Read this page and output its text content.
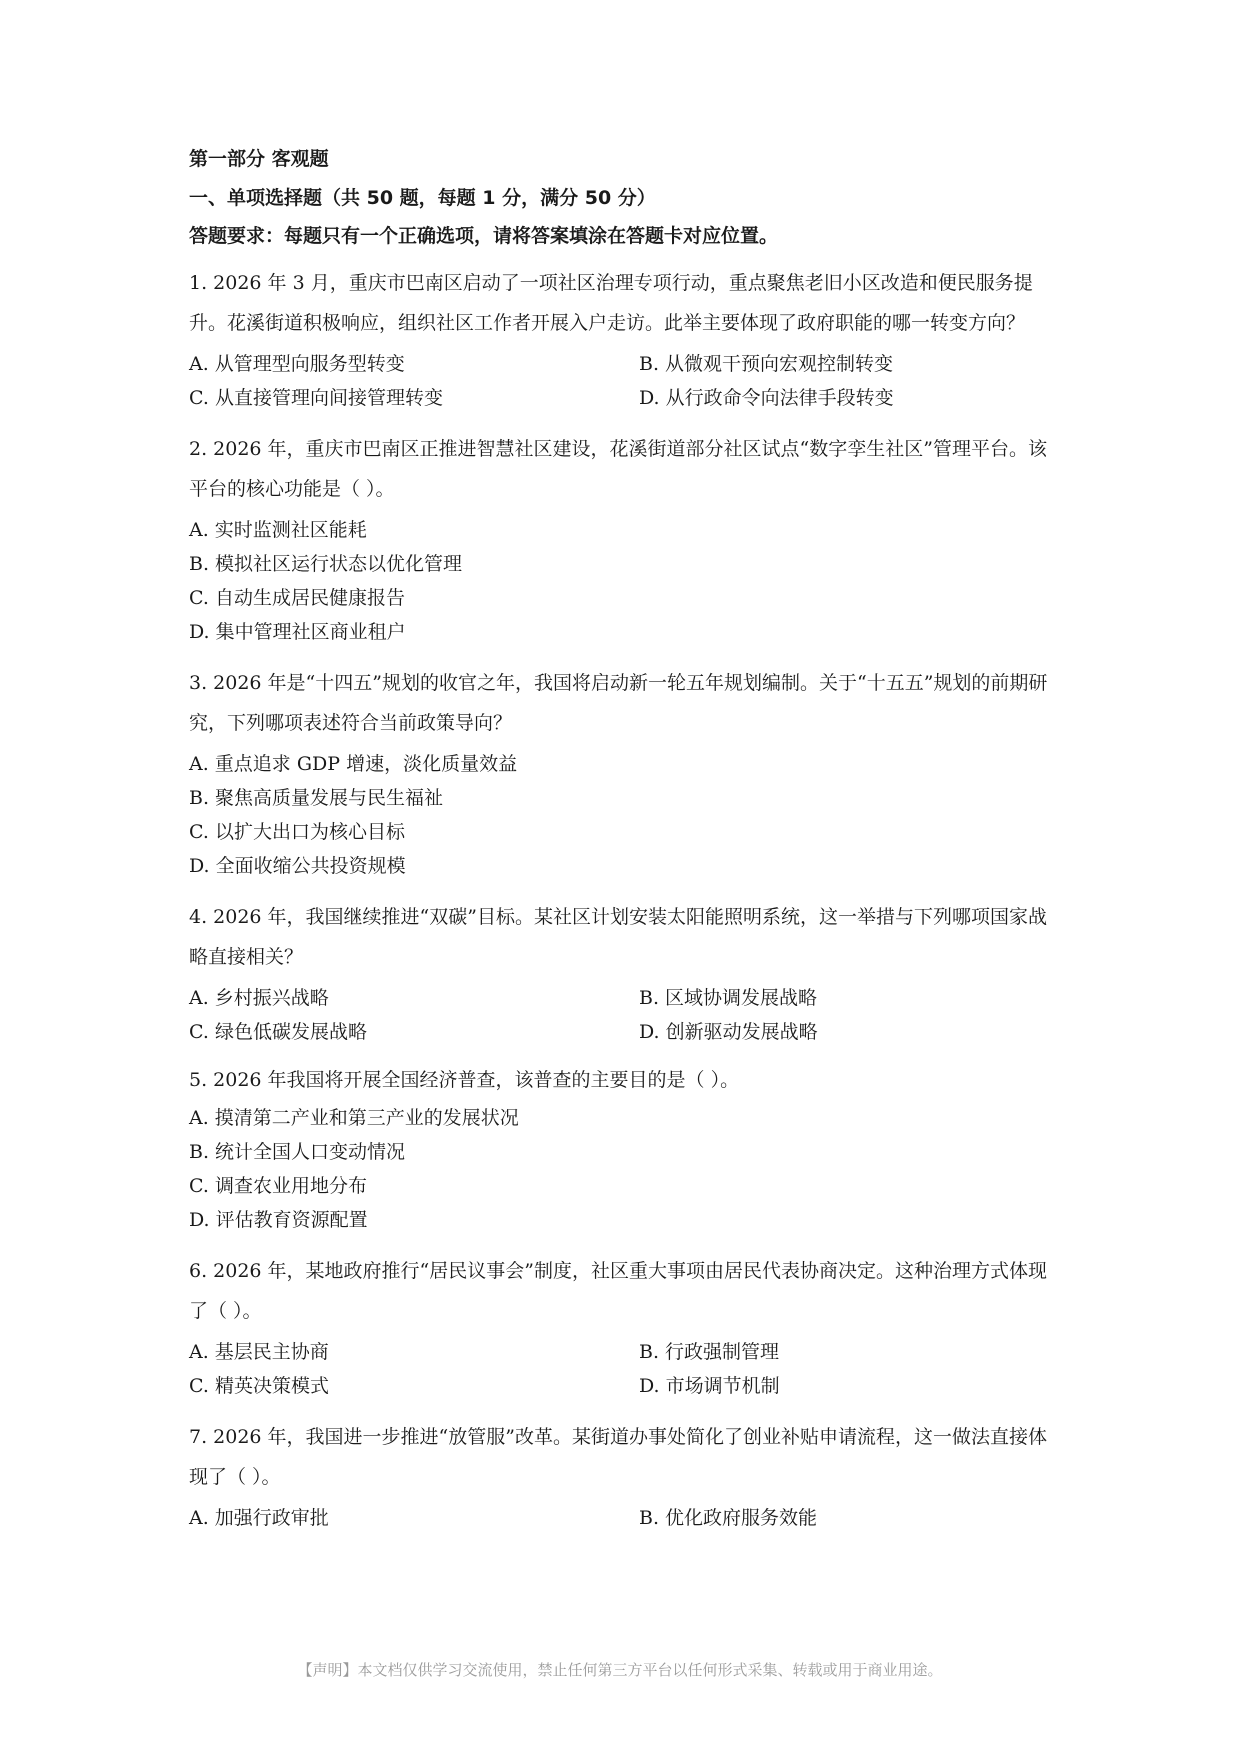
第一部分 客观题

一、单项选择题（共 50 题，每题 1 分，满分 50 分）

答题要求：每题只有一个正确选项，请将答案填涂在答题卡对应位置。

1. 2026 年 3 月，重庆市巴南区启动了一项社区治理专项行动，重点聚焦老旧小区改造和便民服务提升。花溪街道积极响应，组织社区工作者开展入户走访。此举主要体现了政府职能的哪一转变方向？

A. 从管理型向服务型转变	B. 从微观干预向宏观控制转变
C. 从直接管理向间接管理转变	D. 从行政命令向法律手段转变

2. 2026 年，重庆市巴南区正推进智慧社区建设，花溪街道部分社区试点“数字孪生社区”管理平台。该平台的核心功能是（ ）。

A. 实时监测社区能耗
B. 模拟社区运行状态以优化管理
C. 自动生成居民健康报告
D. 集中管理社区商业租户

3. 2026 年是“十四五”规划的收官之年，我国将启动新一轮五年规划编制。关于“十五五”规划的前期研究，下列哪项表述符合当前政策导向？

A. 重点追求 GDP 增速，淡化质量效益
B. 聚焦高质量发展与民生福祉
C. 以扩大出口为核心目标
D. 全面收缩公共投资规模

4. 2026 年，我国继续推进“双碳”目标。某社区计划安装太阳能照明系统，这一举措与下列哪项国家战略直接相关？

A. 乡村振兴战略	B. 区域协调发展战略
C. 绿色低碳发展战略	D. 创新驱动发展战略

5. 2026 年我国将开展全国经济普查，该普查的主要目的是（ ）。

A. 摸清第二产业和第三产业的发展状况
B. 统计全国人口变动情况
C. 调查农业用地分布
D. 评估教育资源配置

6. 2026 年，某地政府推行“居民议事会”制度，社区重大事项由居民代表协商决定。这种治理方式体现了（ ）。

A. 基层民主协商	B. 行政强制管理
C. 精英决策模式	D. 市场调节机制

7. 2026 年，我国进一步推进“放管服”改革。某街道办事处简化了创业补贴申请流程，这一做法直接体现了（ ）。

A. 加强行政审批	B. 优化政府服务效能
【声明】本文档仅供学习交流使用，禁止任何第三方平台以任何形式采集、转载或用于商业用途。
